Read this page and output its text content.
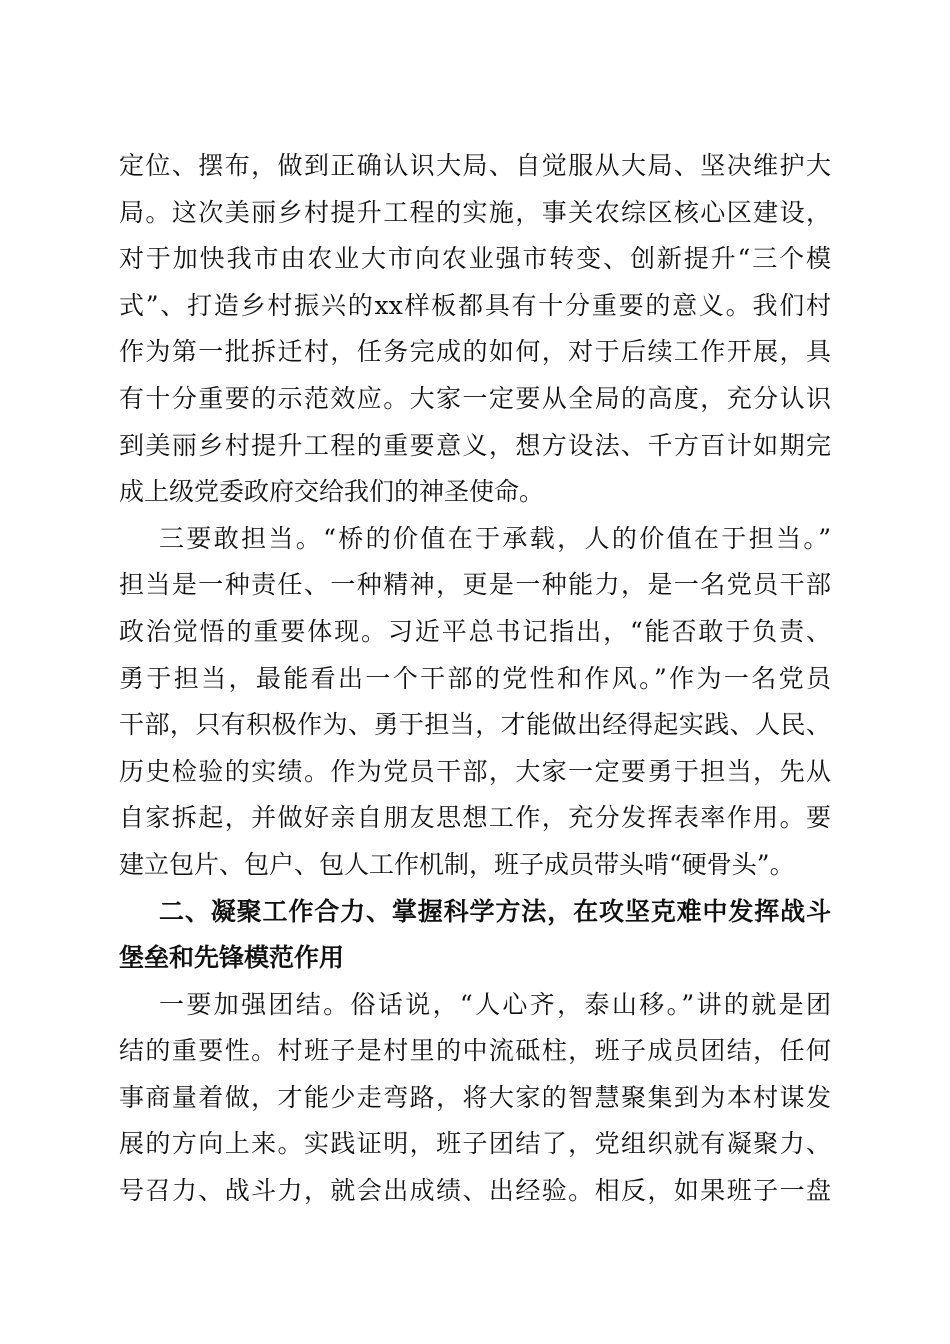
定位、摆布，做到正确认识大局、自觉服从大局、坚决维护大
局。这次美丽乡村提升工程的实施，事关农综区核心区建设，
对于加快我市由农业大市向农业强市转变、创新提升“三个模
式”、打造乡村振兴的xx样板都具有十分重要的意义。我们村
作为第一批拆迁村，任务完成的如何，对于后续工作开展，具
有十分重要的示范效应。大家一定要从全局的高度，充分认识
到美丽乡村提升工程的重要意义，想方设法、千方百计如期完
成上级党委政府交给我们的神圣使命。
三要敢担当。“桥的价值在于承载，人的价值在于担当。”
担当是一种责任、一种精神，更是一种能力，是一名党员干部
政治觉悟的重要体现。习近平总书记指出，“能否敢于负责、
勇于担当，最能看出一个干部的党性和作风。”作为一名党员
干部，只有积极作为、勇于担当，才能做出经得起实践、人民、
历史检验的实绩。作为党员干部，大家一定要勇于担当，先从
自家拆起，并做好亲自朋友思想工作，充分发挥表率作用。要
建立包片、包户、包人工作机制，班子成员带头啃“硬骨头”。
二、凝聚工作合力、掌握科学方法，在攻坚克难中发挥战斗
堡垒和先锋模范作用
一要加强团结。俗话说，“人心齐，泰山移。”讲的就是团
结的重要性。村班子是村里的中流砥柱，班子成员团结，任何
事商量着做，才能少走弯路，将大家的智慧聚集到为本村谋发
展的方向上来。实践证明，班子团结了，党组织就有凝聚力、
号召力、战斗力，就会出成绩、出经验。相反，如果班子一盘
